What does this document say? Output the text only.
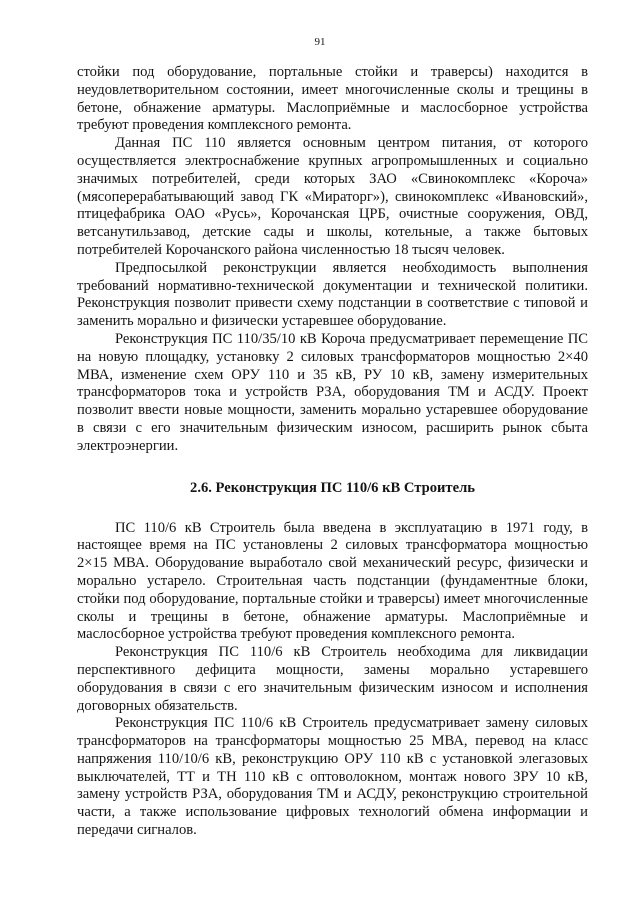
91

стойки под оборудование, портальные стойки и траверсы) находится в неудовлетворительном состоянии, имеет многочисленные сколы и трещины в бетоне, обнажение арматуры. Маслоприёмные и маслосборное устройства требуют проведения комплексного ремонта.

Данная ПС 110 является основным центром питания, от которого осуществляется электроснабжение крупных агропромышленных и социально значимых потребителей, среди которых ЗАО «Свинокомплекс «Короча» (мясоперерабатывающий завод ГК «Мираторг»), свинокомплекс «Ивановский», птицефабрика ОАО «Русь», Корочанская ЦРБ, очистные сооружения, ОВД, ветсанутильзавод, детские сады и школы, котельные, а также бытовых потребителей Корочанского района численностью 18 тысяч человек.

Предпосылкой реконструкции является необходимость выполнения требований нормативно-технической документации и технической политики. Реконструкция позволит привести схему подстанции в соответствие с типовой и заменить морально и физически устаревшее оборудование.

Реконструкция ПС 110/35/10 кВ Короча предусматривает перемещение ПС на новую площадку, установку 2 силовых трансформаторов мощностью 2×40 МВА, изменение схем ОРУ 110 и 35 кВ, РУ 10 кВ, замену измерительных трансформаторов тока и устройств РЗА, оборудования ТМ и АСДУ. Проект позволит ввести новые мощности, заменить морально устаревшее оборудование в связи с его значительным физическим износом, расширить рынок сбыта электроэнергии.

2.6. Реконструкция ПС 110/6 кВ Строитель

ПС 110/6 кВ Строитель была введена в эксплуатацию в 1971 году, в настоящее время на ПС установлены 2 силовых трансформатора мощностью 2×15 МВА. Оборудование выработало свой механический ресурс, физически и морально устарело. Строительная часть подстанции (фундаментные блоки, стойки под оборудование, портальные стойки и траверсы) имеет многочисленные сколы и трещины в бетоне, обнажение арматуры. Маслоприёмные и маслосборное устройства требуют проведения комплексного ремонта.

Реконструкция ПС 110/6 кВ Строитель необходима для ликвидации перспективного дефицита мощности, замены морально устаревшего оборудования в связи с его значительным физическим износом и исполнения договорных обязательств.

Реконструкция ПС 110/6 кВ Строитель предусматривает замену силовых трансформаторов на трансформаторы мощностью 25 МВА, перевод на класс напряжения 110/10/6 кВ, реконструкцию ОРУ 110 кВ с установкой элегазовых выключателей, ТТ и ТН 110 кВ с оптоволокном, монтаж нового ЗРУ 10 кВ, замену устройств РЗА, оборудования ТМ и АСДУ, реконструкцию строительной части, а также использование цифровых технологий обмена информации и передачи сигналов.
